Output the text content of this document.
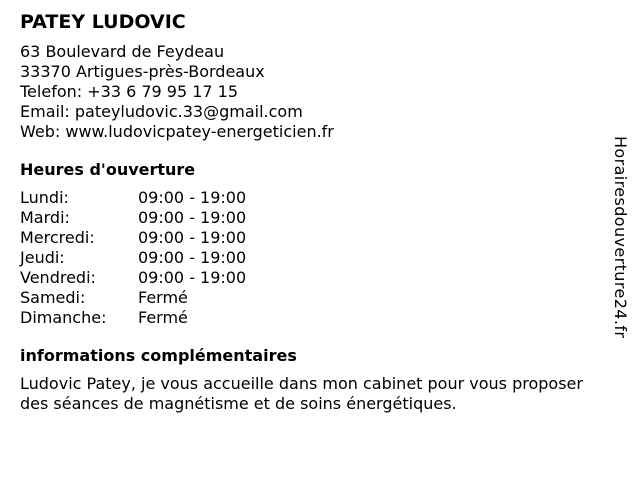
PATEY LUDOVIC
63 Boulevard de Feydeau
33370 Artigues-près-Bordeaux
Telefon: +33 6 79 95 17 15
Email: pateyludovic.33@gmail.com
Web: www.ludovicpatey-energeticien.fr
Heures d'ouverture
Lundi:	09:00 - 19:00
Mardi:	09:00 - 19:00
Mercredi:	09:00 - 19:00
Jeudi:	09:00 - 19:00
Vendredi:	09:00 - 19:00
Samedi:	Fermé
Dimanche:	Fermé
informations complémentaires
Ludovic Patey, je vous accueille dans mon cabinet pour vous proposer
des séances de magnétisme et de soins énergétiques.
Horairesdouverture24.fr
